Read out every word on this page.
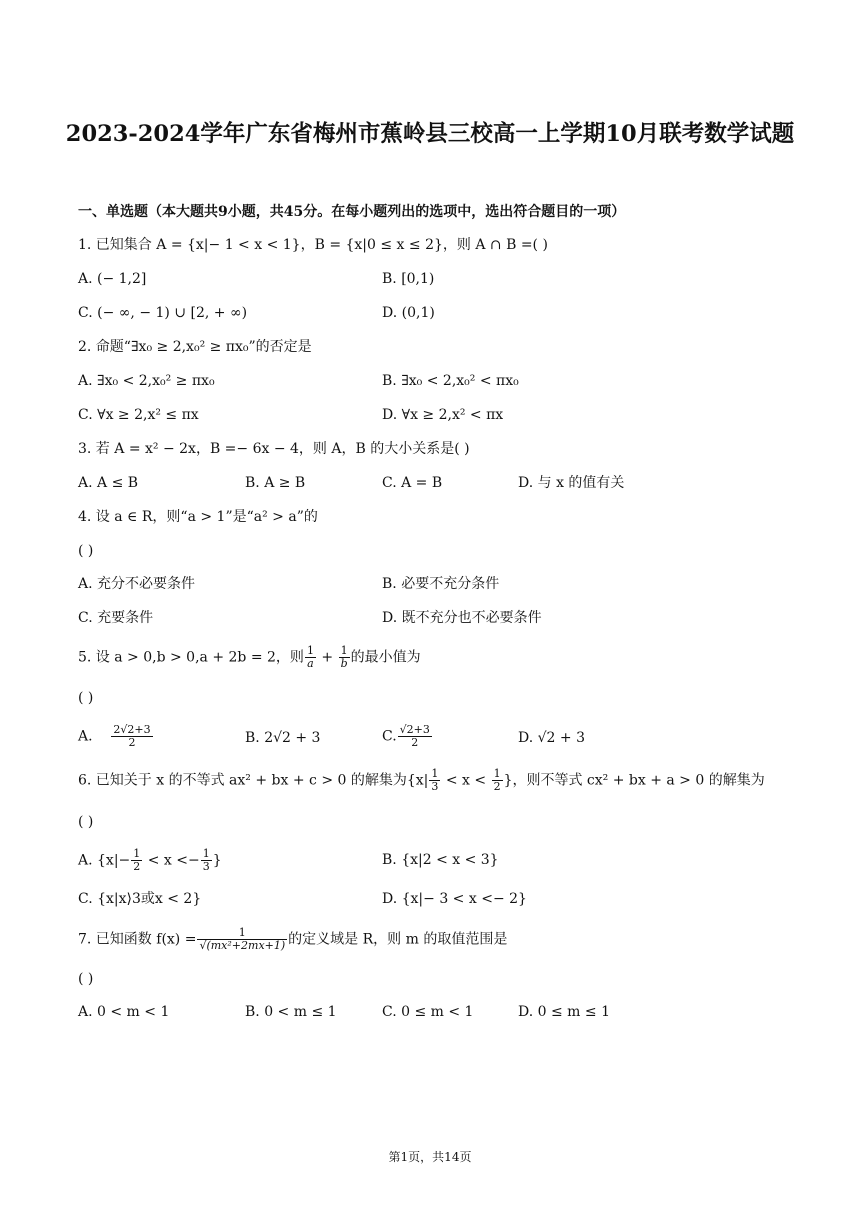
2023-2024学年广东省梅州市蕉岭县三校高一上学期10月联考数学试题
一、单选题（本大题共9小题，共45分。在每小题列出的选项中，选出符合题目的一项）
1. 已知集合 A = {x|− 1 < x < 1}，B = {x|0 ≤ x ≤ 2}，则 A ∩ B =( )
A. (− 1,2]	B. [0,1)
C. (− ∞, − 1) ∪ [2, + ∞)	D. (0,1)
2. 命题“∃x₀ ≥ 2,x₀² ≥ πx₀”的否定是
A. ∃x₀ < 2,x₀² ≥ πx₀	B. ∃x₀ < 2,x₀² < πx₀
C. ∀x ≥ 2,x² ≤ πx	D. ∀x ≥ 2,x² < πx
3. 若 A = x² − 2x，B =− 6x − 4，则 A，B 的大小关系是( )
A. A ≤ B	B. A ≥ B	C. A = B	D. 与 x 的值有关
4. 设 a ∈ R，则“a > 1”是“a² > a”的
( )
A. 充分不必要条件	B. 必要不充分条件
C. 充要条件	D. 既不充分也不必要条件
5. 设 a > 0,b > 0,a + 2b = 2，则 $\frac{1}{a} + \frac{1}{b}$ 的最小值为
( )
A. $\frac{2√2+3}{2}$	B. 2√2 + 3	C. $\frac{√2+3}{2}$	D. √2 + 3
6. 已知关于 x 的不等式 ax² + bx + c > 0 的解集为{$x| \frac{1}{3} < x < \frac{1}{2}$ }，则不等式 cx² + bx + a > 0 的解集为
( )
A. {$x|- \frac{1}{2} < x <- \frac{1}{3}$ }	B. {x|2 < x < 3}
C. {x|x⟩3或x < 2}	D. {x|− 3 < x <− 2}
7. 已知函数 $f(x) = \frac{1}{\text{√(mx²+2mx+1)}}$ 的定义域是 R，则 m 的取值范围是
( )
A. 0 < m < 1	B. 0 < m ≤ 1	C. 0 ≤ m < 1	D. 0 ≤ m ≤ 1
第1页，共14页
